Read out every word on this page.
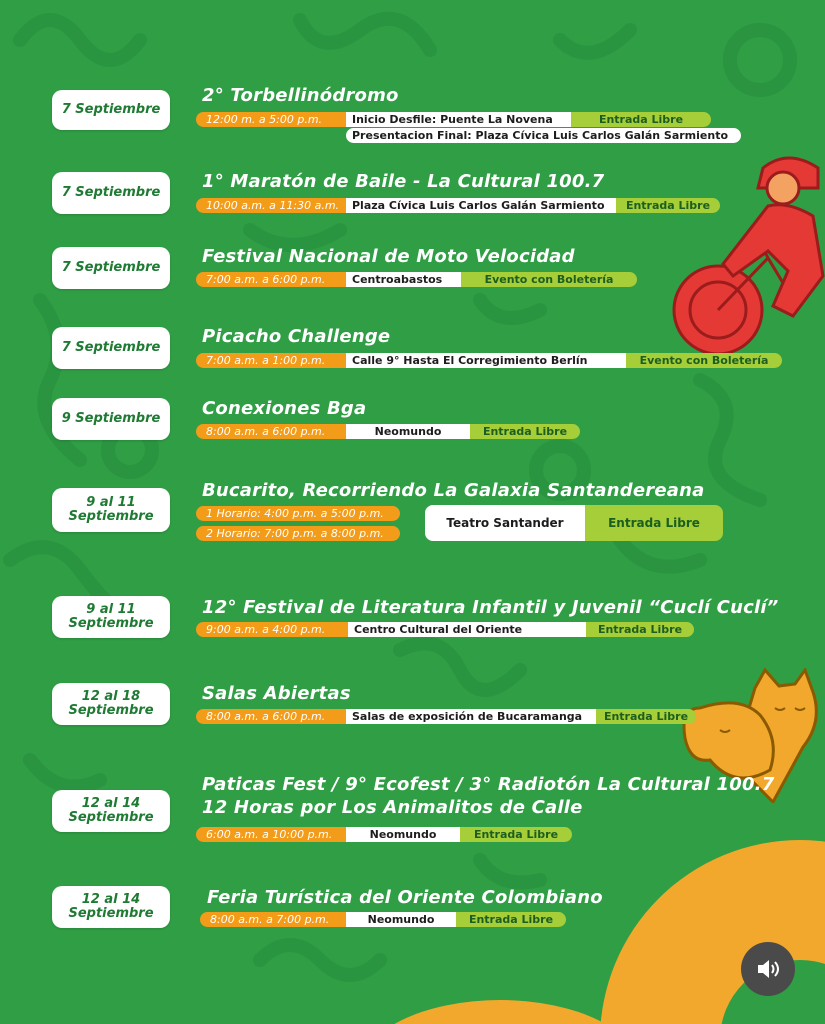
7 Septiembre
2° Torbellinódromo
12:00 m. a 5:00 p.m.	Inicio Desfile: Puente La Novena	Entrada Libre
Presentacion Final: Plaza Cívica Luis Carlos Galán Sarmiento
7 Septiembre
1° Maratón de Baile - La Cultural 100.7
10:00 a.m. a 11:30 a.m.	Plaza Cívica Luis Carlos Galán Sarmiento	Entrada Libre
7 Septiembre
Festival Nacional de Moto Velocidad
7:00 a.m. a 6:00 p.m.	Centroabastos	Evento con Boletería
7 Septiembre
Picacho Challenge
7:00 a.m. a 1:00 p.m.	Calle 9° Hasta El Corregimiento Berlín	Evento con Boletería
9 Septiembre	Conexiones Bga
8:00 a.m. a 6:00 p.m.	Neomundo	Entrada Libre
9 al 11
Septiembre
Bucarito, Recorriendo La Galaxia Santandereana
1 Horario: 4:00 p.m. a 5:00 p.m.
2 Horario: 7:00 p.m. a 8:00 p.m.
Teatro Santander	Entrada Libre
9 al 11
Septiembre
12° Festival de Literatura Infantil y Juvenil “Cuclí Cuclí”
9:00 a.m. a 4:00 p.m.	Centro Cultural del Oriente	Entrada Libre
12 al 18
Septiembre
Salas Abiertas
8:00 a.m. a 6:00 p.m.	Salas de exposición de Bucaramanga	Entrada Libre
12 al 14
Septiembre
Paticas Fest / 9° Ecofest / 3° Radiotón La Cultural 100.7
12 Horas por Los Animalitos de Calle
6:00 a.m. a 10:00 p.m.	Neomundo	Entrada Libre
12 al 14
Septiembre
Feria Turística del Oriente Colombiano
8:00 a.m. a 7:00 p.m.	Neomundo	Entrada Libre
